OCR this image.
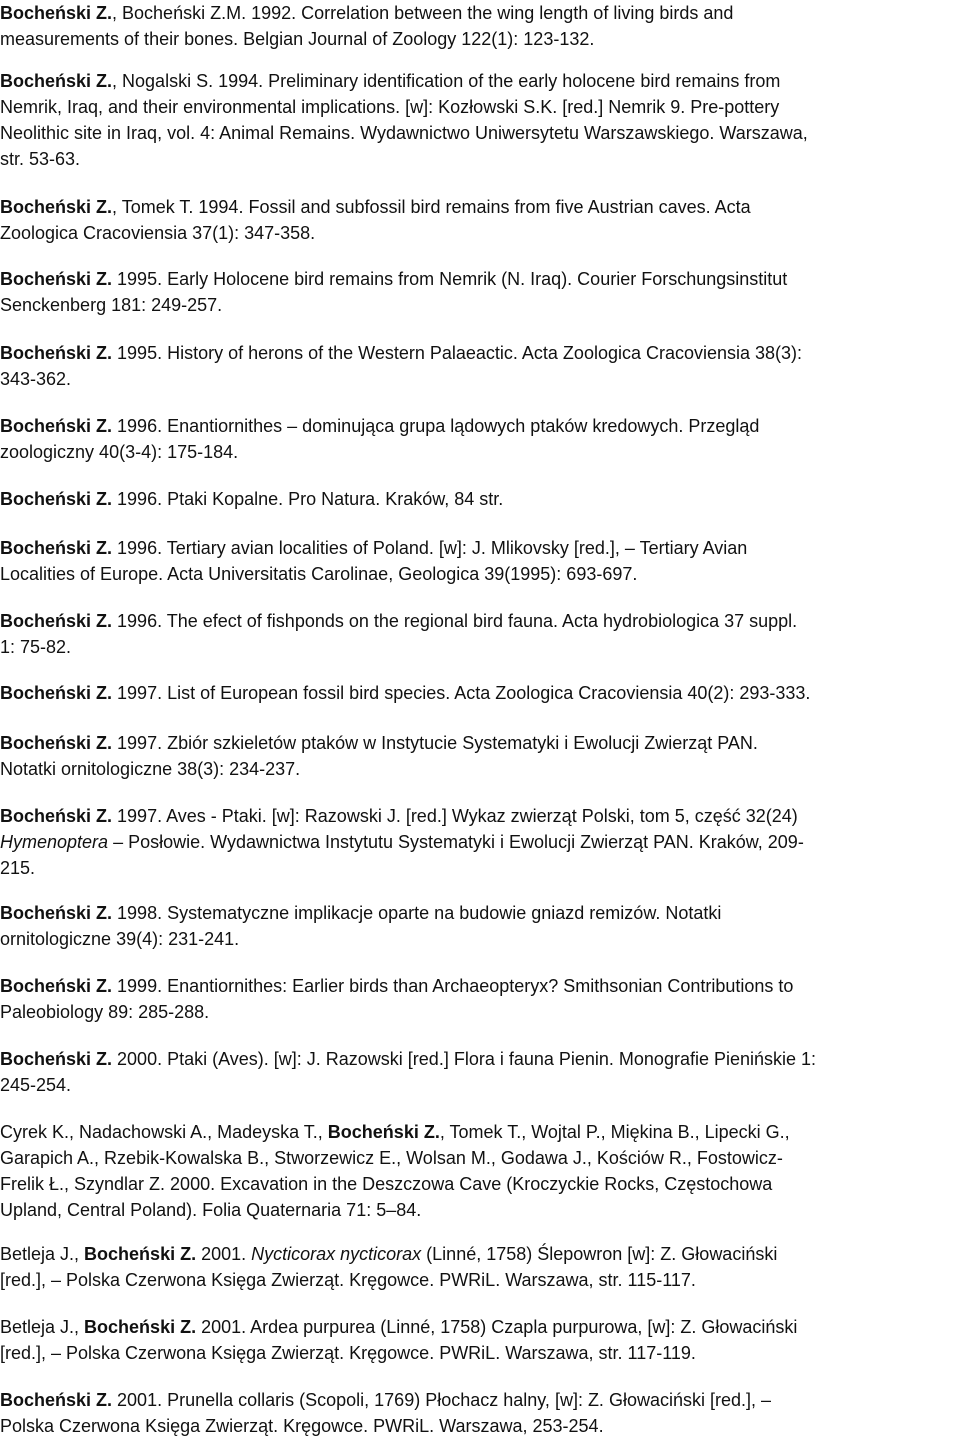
Bocheński Z., Bocheński Z.M. 1992. Correlation between the wing length of living birds and
measurements of their bones. Belgian Journal of Zoology 122(1): 123-132.

Bocheński Z., Nogalski S. 1994. Preliminary identification of the early holocene bird remains from
Nemrik, Iraq, and their environmental implications. [w]: Kozłowski S.K. [red.] Nemrik 9. Pre-pottery
Neolithic site in Iraq, vol. 4: Animal Remains. Wydawnictwo Uniwersytetu Warszawskiego. Warszawa,
str. 53-63.

Bocheński Z., Tomek T. 1994. Fossil and subfossil bird remains from five Austrian caves. Acta
Zoologica Cracoviensia 37(1): 347-358.

Bocheński Z. 1995. Early Holocene bird remains from Nemrik (N. Iraq). Courier Forschungsinstitut
Senckenberg 181: 249-257.

Bocheński Z. 1995. History of herons of the Western Palaeactic. Acta Zoologica Cracoviensia 38(3):
343-362.

Bocheński Z. 1996. Enantiornithes – dominująca grupa lądowych ptaków kredowych. Przegląd
zoologiczny 40(3-4): 175-184.

Bocheński Z. 1996. Ptaki Kopalne. Pro Natura. Kraków, 84 str.

Bocheński Z. 1996. Tertiary avian localities of Poland. [w]: J. Mlikovsky [red.], – Tertiary Avian
Localities of Europe. Acta Universitatis Carolinae, Geologica 39(1995): 693-697.

Bocheński Z. 1996. The efect of fishponds on the regional bird fauna. Acta hydrobiologica 37 suppl.
1: 75-82.

Bocheński Z. 1997. List of European fossil bird species. Acta Zoologica Cracoviensia 40(2): 293-333.

Bocheński Z. 1997. Zbiór szkieletów ptaków w Instytucie Systematyki i Ewolucji Zwierząt PAN.
Notatki ornitologiczne 38(3): 234-237.

Bocheński Z. 1997. Aves - Ptaki. [w]: Razowski J. [red.] Wykaz zwierząt Polski, tom 5, część 32(24)
Hymenoptera – Posłowie. Wydawnictwa Instytutu Systematyki i Ewolucji Zwierząt PAN. Kraków, 209-
215.

Bocheński Z. 1998. Systematyczne implikacje oparte na budowie gniazd remizów. Notatki
ornitologiczne 39(4): 231-241.

Bocheński Z. 1999. Enantiornithes: Earlier birds than Archaeopteryx? Smithsonian Contributions to
Paleobiology 89: 285-288.

Bocheński Z. 2000. Ptaki (Aves). [w]: J. Razowski [red.] Flora i fauna Pienin. Monografie Pienińskie 1:
245-254.

Cyrek K., Nadachowski A., Madeyska T., Bocheński Z., Tomek T., Wojtal P., Miękina B., Lipecki G.,
Garapich A., Rzebik-Kowalska B., Stworzewicz E., Wolsan M., Godawa J., Kościów R., Fostowicz-
Frelik Ł., Szyndlar Z. 2000. Excavation in the Deszczowa Cave (Kroczyckie Rocks, Częstochowa
Upland, Central Poland). Folia Quaternaria 71: 5–84.

Betleja J., Bocheński Z. 2001. Nycticorax nycticorax (Linné, 1758) Ślepowron [w]: Z. Głowaciński
[red.], – Polska Czerwona Księga Zwierząt. Kręgowce. PWRiL. Warszawa, str. 115-117.

Betleja J., Bocheński Z. 2001. Ardea purpurea (Linné, 1758) Czapla purpurowa, [w]: Z. Głowaciński
[red.], – Polska Czerwona Księga Zwierząt. Kręgowce. PWRiL. Warszawa, str. 117-119.

Bocheński Z. 2001. Prunella collaris (Scopoli, 1769) Płochacz halny, [w]: Z. Głowaciński [red.], –
Polska Czerwona Księga Zwierząt. Kręgowce. PWRiL. Warszawa, 253-254.
